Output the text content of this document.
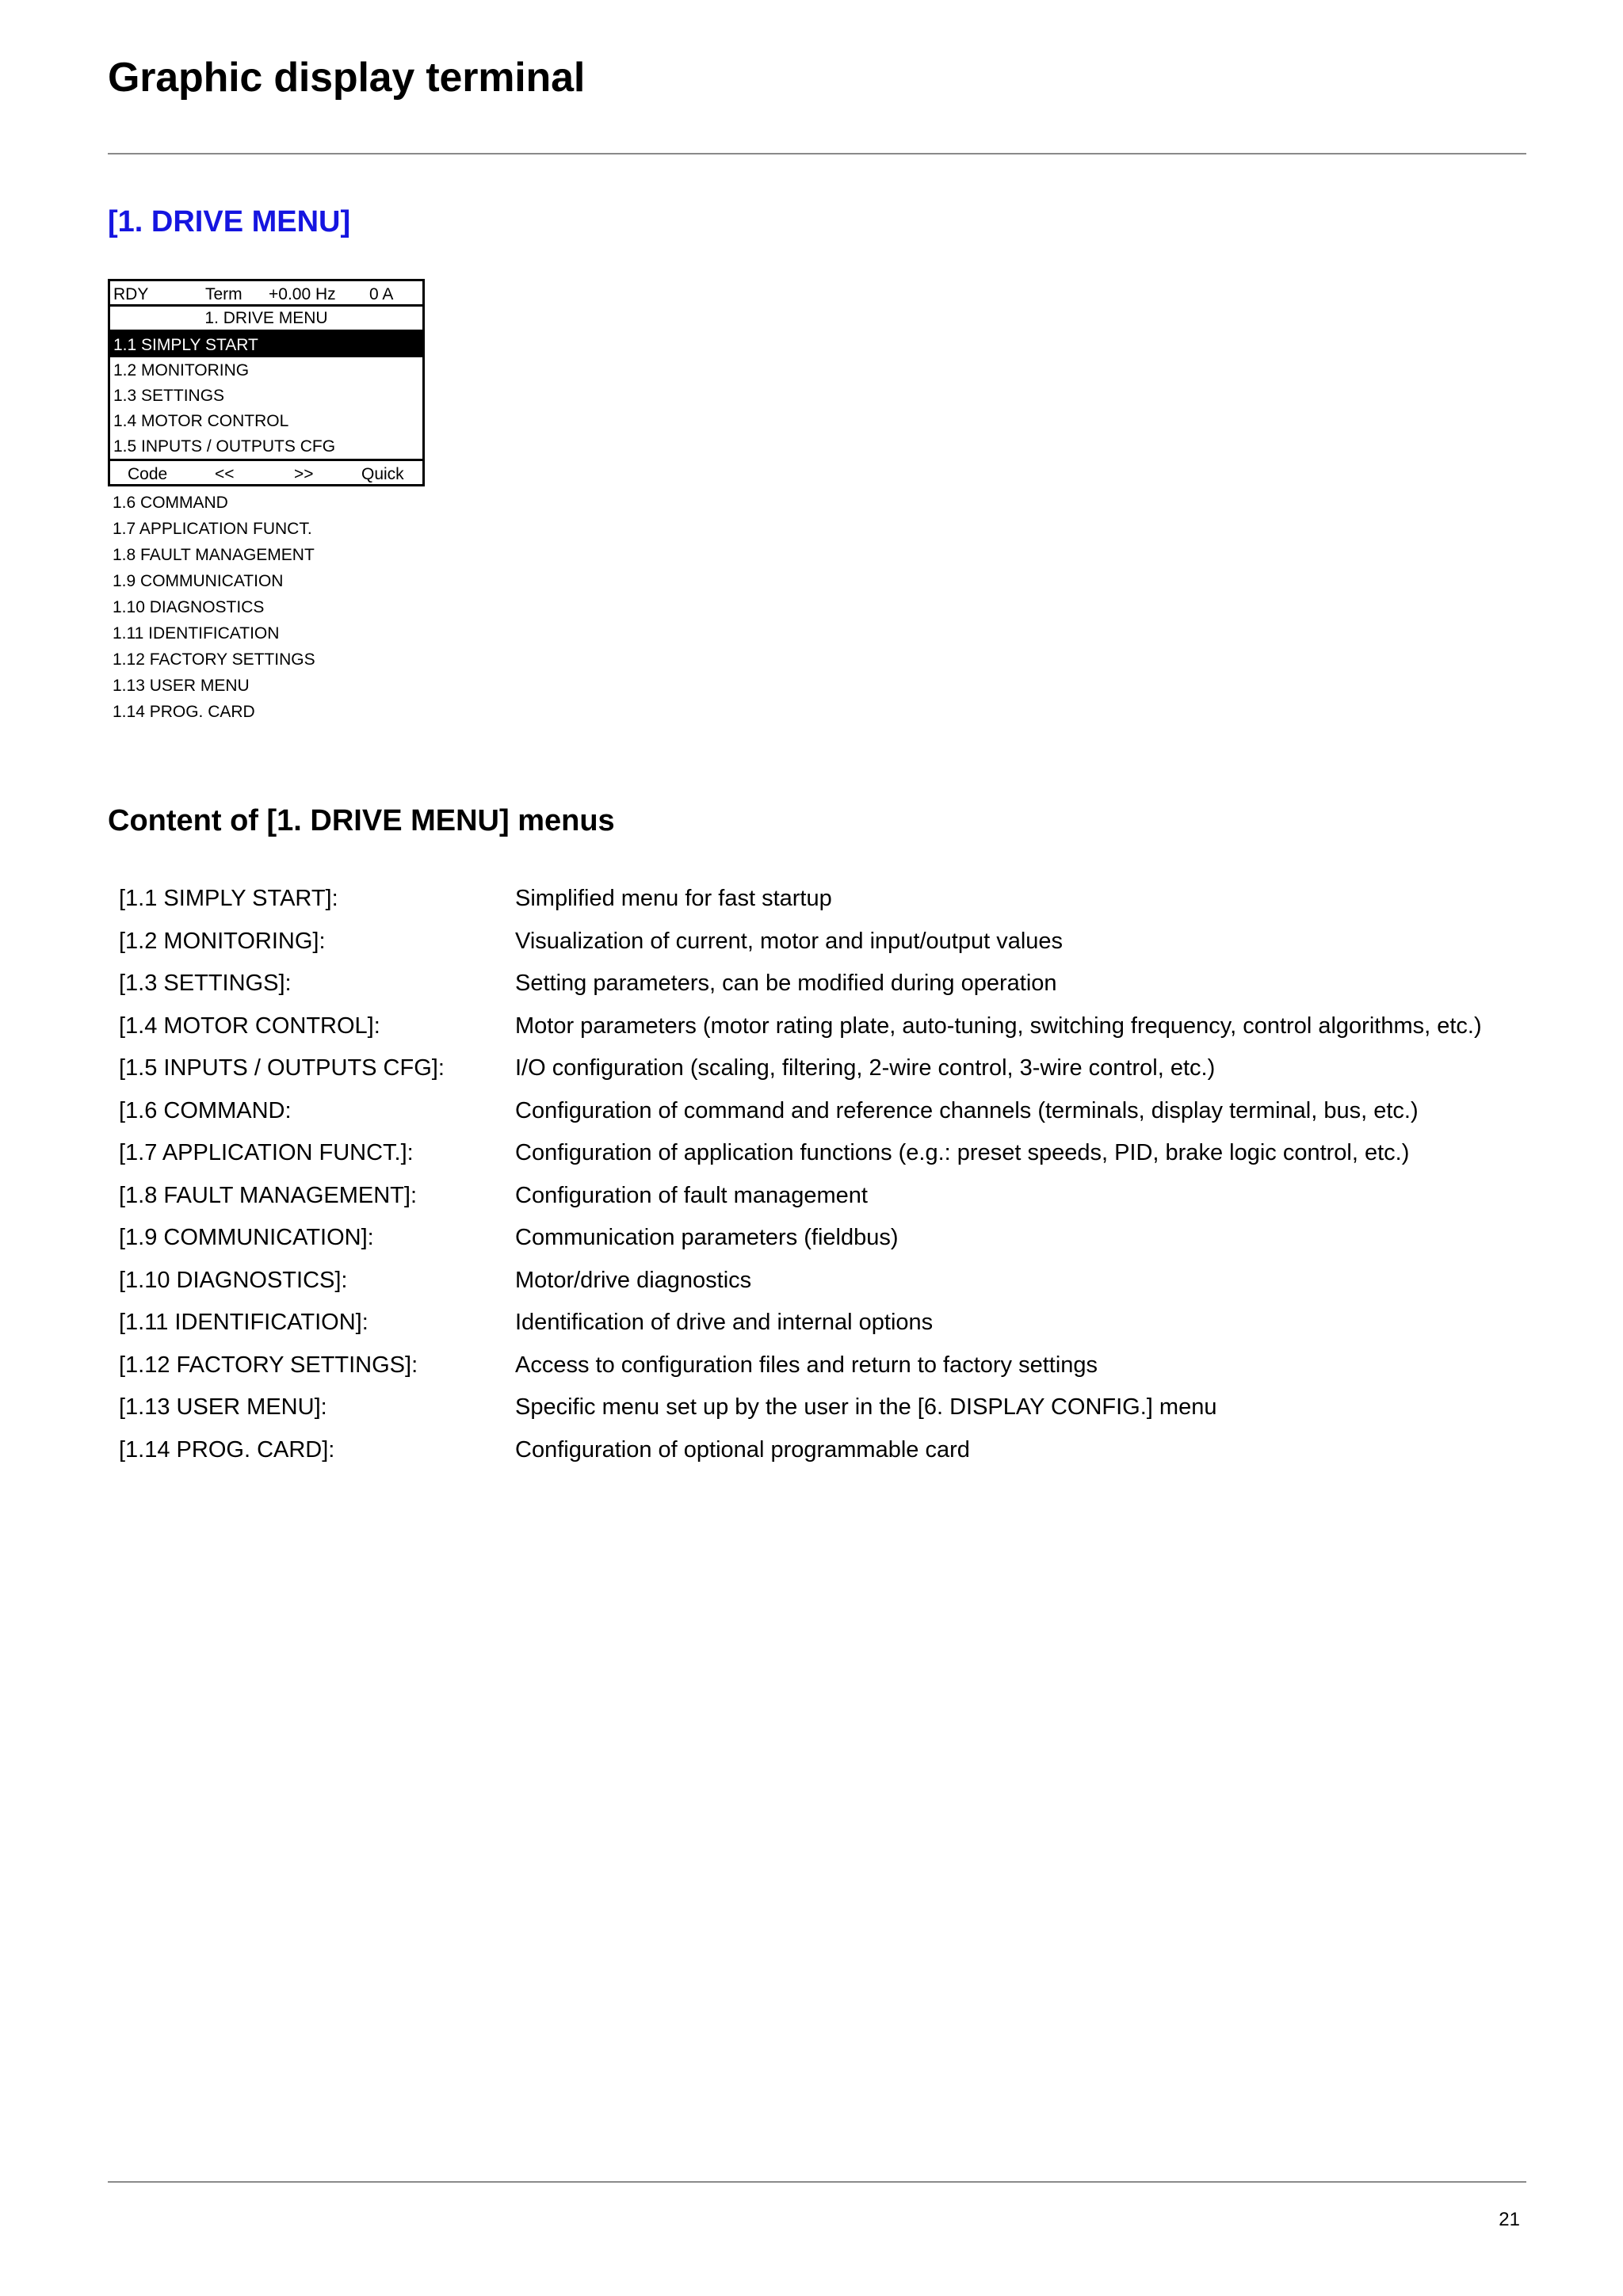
Graphic display terminal
[1. DRIVE MENU]
RDY	Term +0.00 Hz 0 A
1. DRIVE MENU
1.1 SIMPLY START
1.2 MONITORING
1.3 SETTINGS
1.4 MOTOR CONTROL
1.5 INPUTS / OUTPUTS CFG
Code	<<	>>	Quick
1.6 COMMAND
1.7 APPLICATION FUNCT.
1.8 FAULT MANAGEMENT
1.9 COMMUNICATION
1.10 DIAGNOSTICS
1.11 IDENTIFICATION
1.12 FACTORY SETTINGS
1.13 USER MENU
1.14 PROG. CARD
Content of [1. DRIVE MENU] menus
[1.1 SIMPLY START]:	Simplified menu for fast startup
[1.2 MONITORING]:	Visualization of current, motor and input/output values
[1.3 SETTINGS]:	Setting parameters, can be modified during operation
[1.4 MOTOR CONTROL]:	Motor parameters (motor rating plate, auto-tuning, switching frequency, control algorithms, etc.)
[1.5 INPUTS / OUTPUTS CFG]:	I/O configuration (scaling, filtering, 2-wire control, 3-wire control, etc.)
[1.6 COMMAND:	Configuration of command and reference channels (terminals, display terminal, bus, etc.)
[1.7 APPLICATION FUNCT.]:	Configuration of application functions (e.g.: preset speeds, PID, brake logic control, etc.)
[1.8 FAULT MANAGEMENT]:	Configuration of fault management
[1.9 COMMUNICATION]:	Communication parameters (fieldbus)
[1.10 DIAGNOSTICS]:	Motor/drive diagnostics
[1.11 IDENTIFICATION]:	Identification of drive and internal options
[1.12 FACTORY SETTINGS]:	Access to configuration files and return to factory settings
[1.13 USER MENU]:	Specific menu set up by the user in the [6. DISPLAY CONFIG.] menu
[1.14 PROG. CARD]:	Configuration of optional programmable card
21
